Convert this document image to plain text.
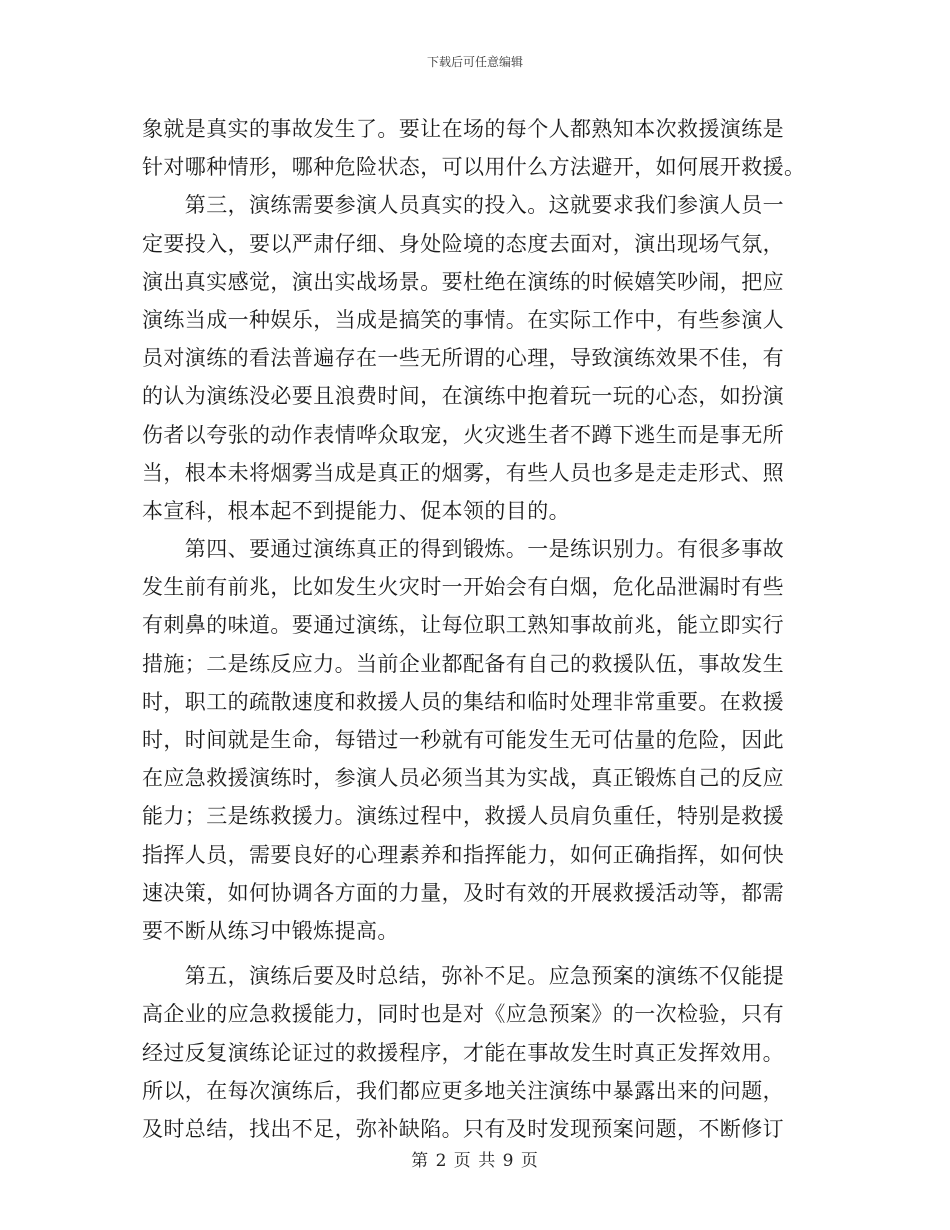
下载后可任意编辑
象就是真实的事故发生了。要让在场的每个人都熟知本次救援演练是
针对哪种情形，哪种危险状态，可以用什么方法避开，如何展开救援。
　　第三，演练需要参演人员真实的投入。这就要求我们参演人员一
定要投入，要以严肃仔细、身处险境的态度去面对，演出现场气氛，
演出真实感觉，演出实战场景。要杜绝在演练的时候嬉笑吵闹，把应
演练当成一种娱乐，当成是搞笑的事情。在实际工作中，有些参演人
员对演练的看法普遍存在一些无所谓的心理，导致演练效果不佳，有
的认为演练没必要且浪费时间，在演练中抱着玩一玩的心态，如扮演
伤者以夸张的动作表情哗众取宠，火灾逃生者不蹲下逃生而是事无所
当，根本未将烟雾当成是真正的烟雾，有些人员也多是走走形式、照
本宣科，根本起不到提能力、促本领的目的。
　　第四、要通过演练真正的得到锻炼。一是练识别力。有很多事故
发生前有前兆，比如发生火灾时一开始会有白烟，危化品泄漏时有些
有刺鼻的味道。要通过演练，让每位职工熟知事故前兆，能立即实行
措施；二是练反应力。当前企业都配备有自己的救援队伍，事故发生
时，职工的疏散速度和救援人员的集结和临时处理非常重要。在救援
时，时间就是生命，每错过一秒就有可能发生无可估量的危险，因此
在应急救援演练时，参演人员必须当其为实战，真正锻炼自己的反应
能力；三是练救援力。演练过程中，救援人员肩负重任，特别是救援
指挥人员，需要良好的心理素养和指挥能力，如何正确指挥，如何快
速决策，如何协调各方面的力量，及时有效的开展救援活动等，都需
要不断从练习中锻炼提高。
　　第五，演练后要及时总结，弥补不足。应急预案的演练不仅能提
高企业的应急救援能力，同时也是对《应急预案》的一次检验，只有
经过反复演练论证过的救援程序，才能在事故发生时真正发挥效用。
所以，在每次演练后，我们都应更多地关注演练中暴露出来的问题，
及时总结，找出不足，弥补缺陷。只有及时发现预案问题，不断修订
第 2 页 共 9 页
